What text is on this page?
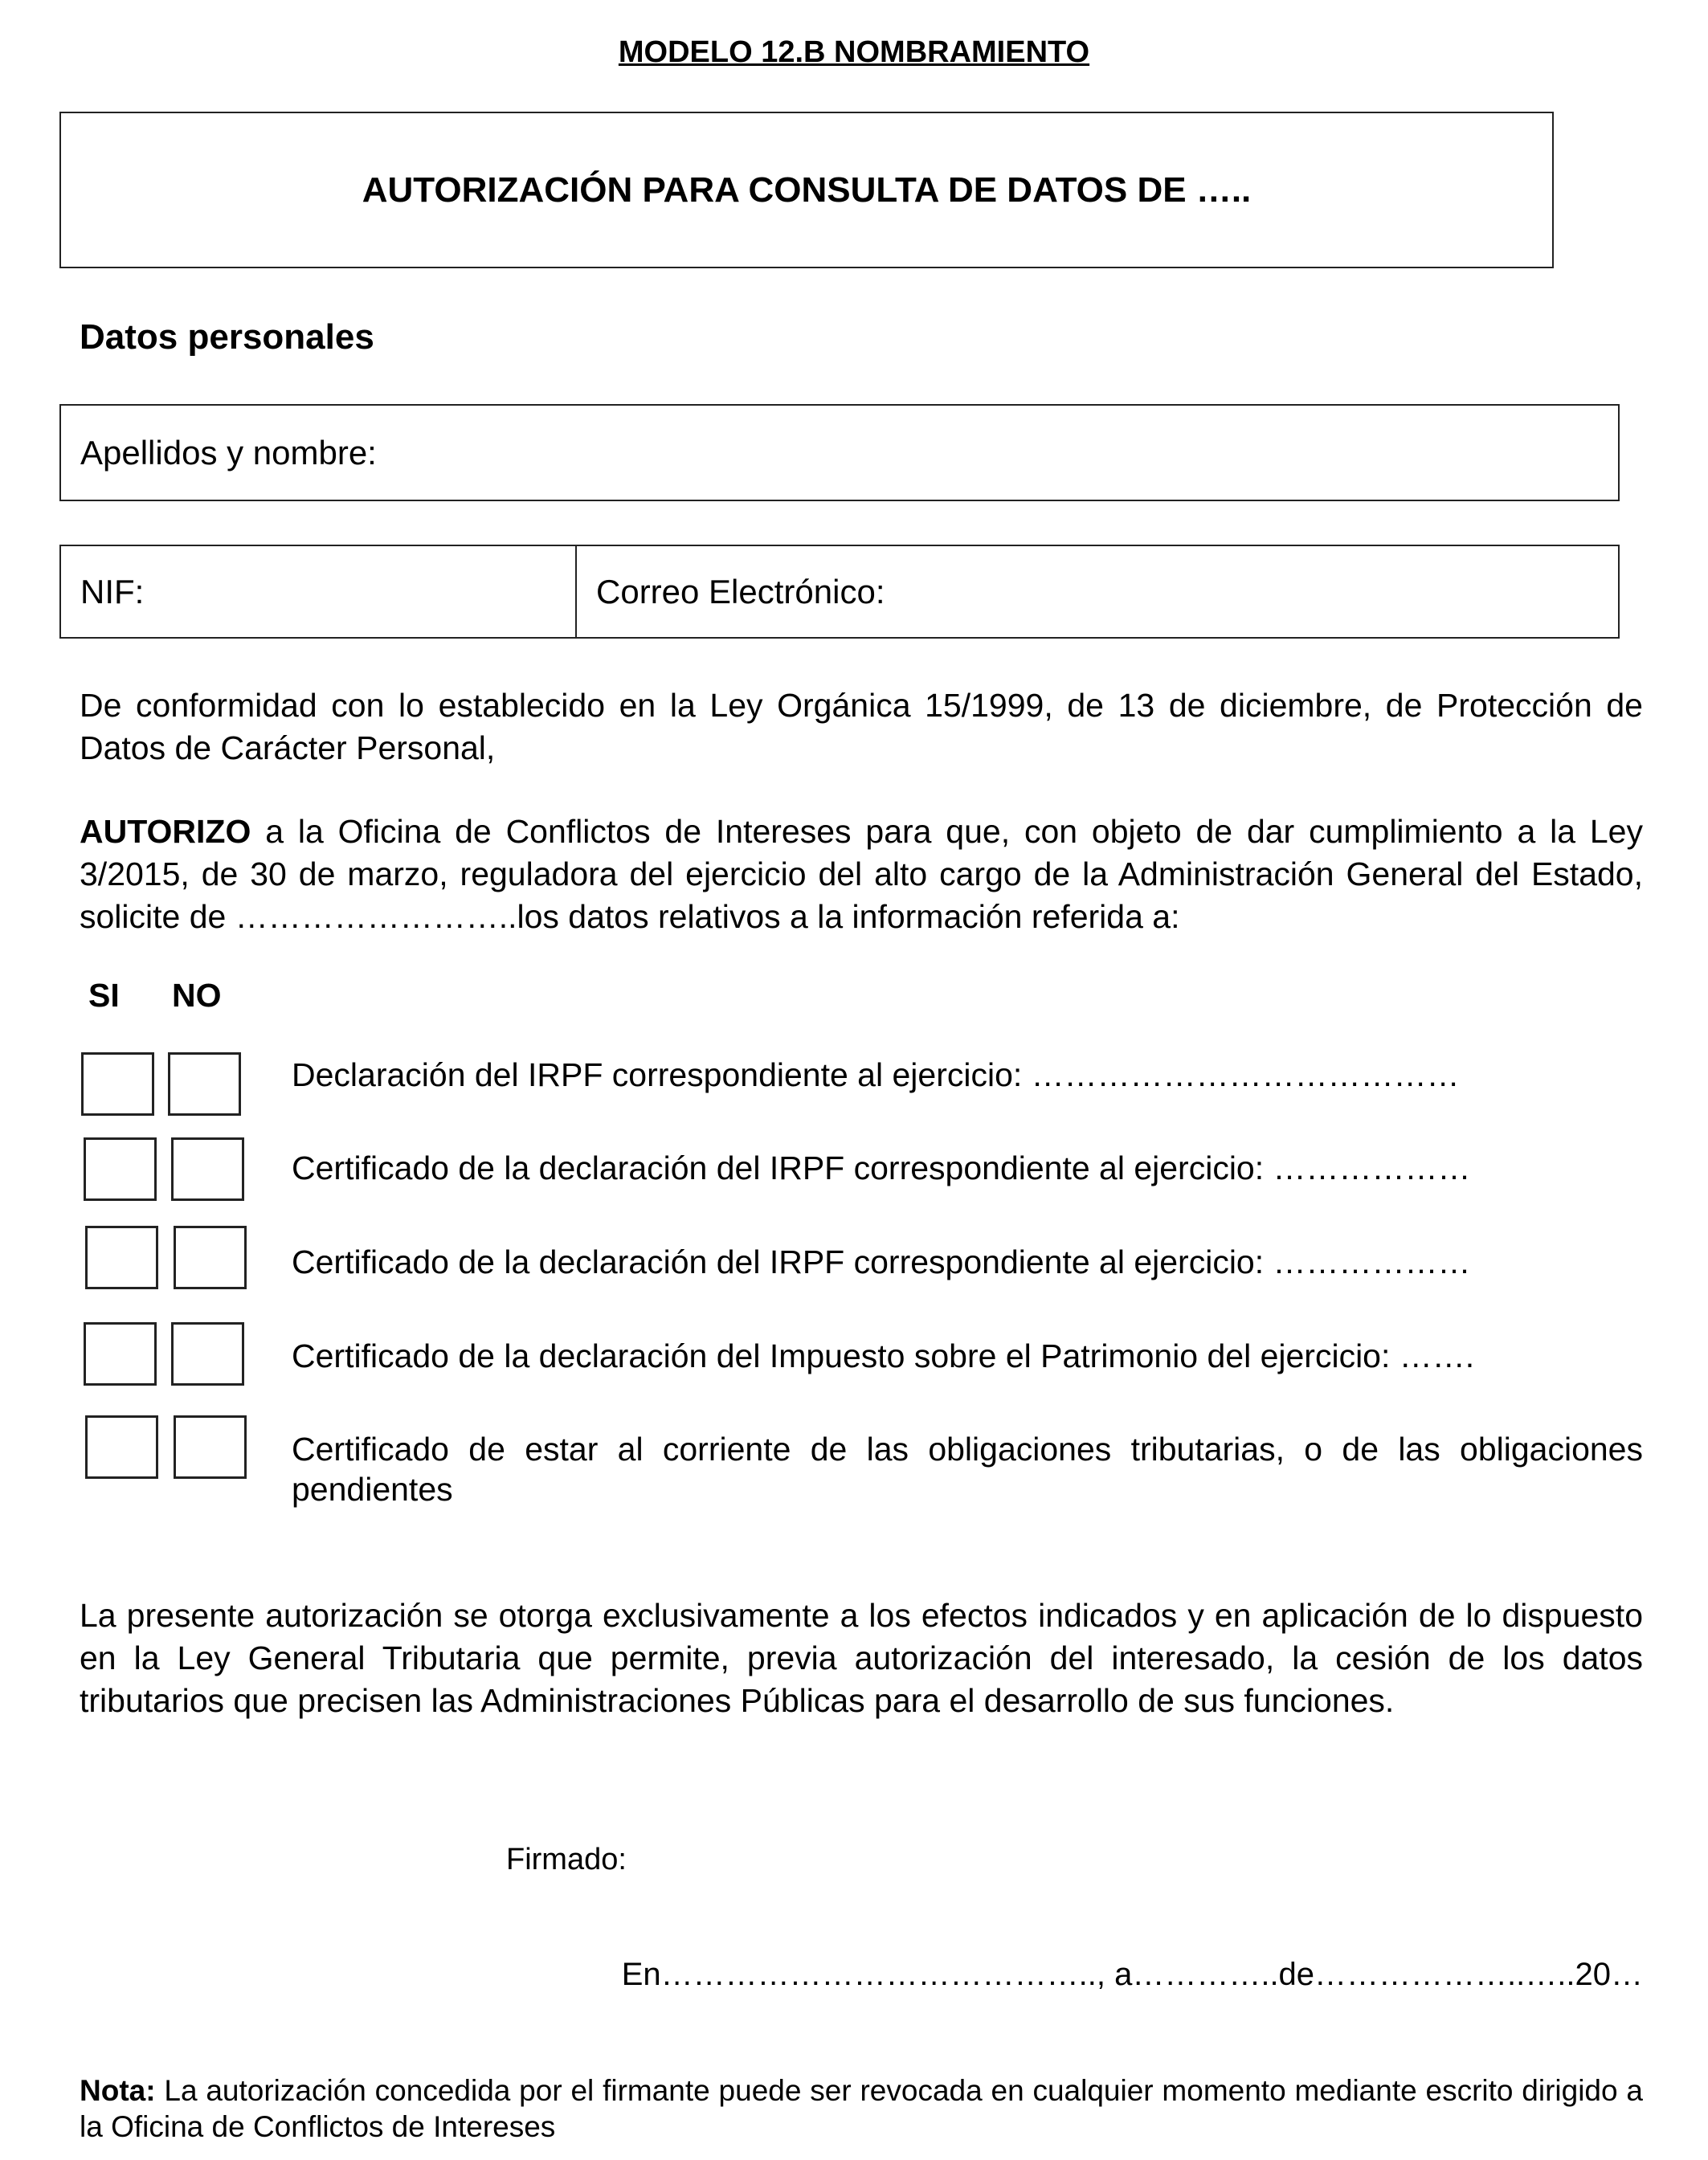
MODELO 12.B NOMBRAMIENTO
AUTORIZACIÓN PARA CONSULTA DE DATOS DE …..
Datos personales
Apellidos y nombre:
NIF:	Correo Electrónico:
De conformidad con lo establecido en la Ley Orgánica 15/1999, de 13 de diciembre, de Protección de Datos de Carácter Personal,
AUTORIZO a la Oficina de Conflictos de Intereses para que, con objeto de dar cumplimiento a la Ley 3/2015, de 30 de marzo, reguladora del ejercicio del alto cargo de la Administración General del Estado, solicite de ……………………..los datos relativos a la información referida a:
SI NO
Declaración del IRPF correspondiente al ejercicio: …………………………………
Certificado de la declaración del IRPF correspondiente al ejercicio: ………………
Certificado de la declaración del IRPF correspondiente al ejercicio: ………………
Certificado de la declaración del Impuesto sobre el Patrimonio del ejercicio: …….
Certificado de estar al corriente de las obligaciones tributarias, o de las obligaciones pendientes
La presente autorización se otorga exclusivamente a los efectos indicados y en aplicación de lo dispuesto en la Ley General Tributaria que permite, previa autorización del interesado, la cesión de los datos tributarios que precisen las Administraciones Públicas para el desarrollo de sus funciones.
Firmado:
En………………………………….., a…………..de………………..…..20…
Nota: La autorización concedida por el firmante puede ser revocada en cualquier momento mediante escrito dirigido a la Oficina de Conflictos de Intereses
